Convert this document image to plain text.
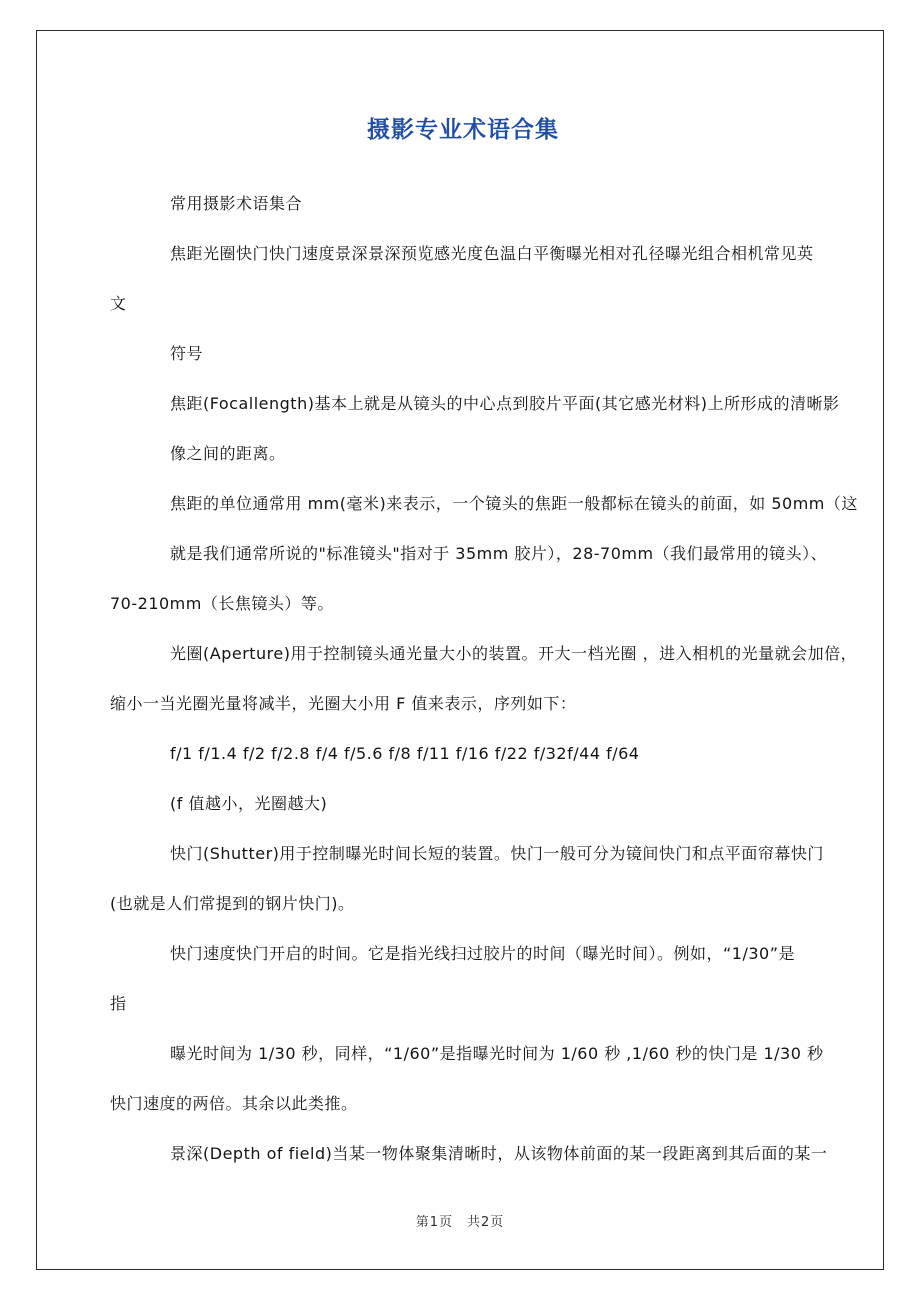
摄影专业术语合集
常用摄影术语集合
焦距光圈快门快门速度景深景深预览感光度色温白平衡曝光相对孔径曝光组合相机常见英
文
符号
焦距(Focallength)基本上就是从镜头的中心点到胶片平面(其它感光材料)上所形成的清晰影
像之间的距离。
焦距的单位通常用 mm(毫米)来表示，一个镜头的焦距一般都标在镜头的前面，如 50mm（这
就是我们通常所说的"标准镜头"指对于 35mm 胶片），28-70mm（我们最常用的镜头）、
70-210mm（长焦镜头）等。
光圈(Aperture)用于控制镜头通光量大小的装置。开大一档光圈 ，进入相机的光量就会加倍，
缩小一当光圈光量将减半，光圈大小用 F 值来表示，序列如下：
f/1 f/1.4 f/2 f/2.8 f/4 f/5.6 f/8 f/11 f/16 f/22 f/32f/44 f/64
(f 值越小，光圈越大)
快门(Shutter)用于控制曝光时间长短的装置。快门一般可分为镜间快门和点平面帘幕快门
(也就是人们常提到的钢片快门)。
快门速度快门开启的时间。它是指光线扫过胶片的时间（曝光时间）。例如，“1/30”是
指
曝光时间为 1/30 秒，同样，“1/60”是指曝光时间为 1/60 秒 ,1/60 秒的快门是 1/30 秒
快门速度的两倍。其余以此类推。
景深(Depth of field)当某一物体聚集清晰时，从该物体前面的某一段距离到其后面的某一
第1页　共2页
